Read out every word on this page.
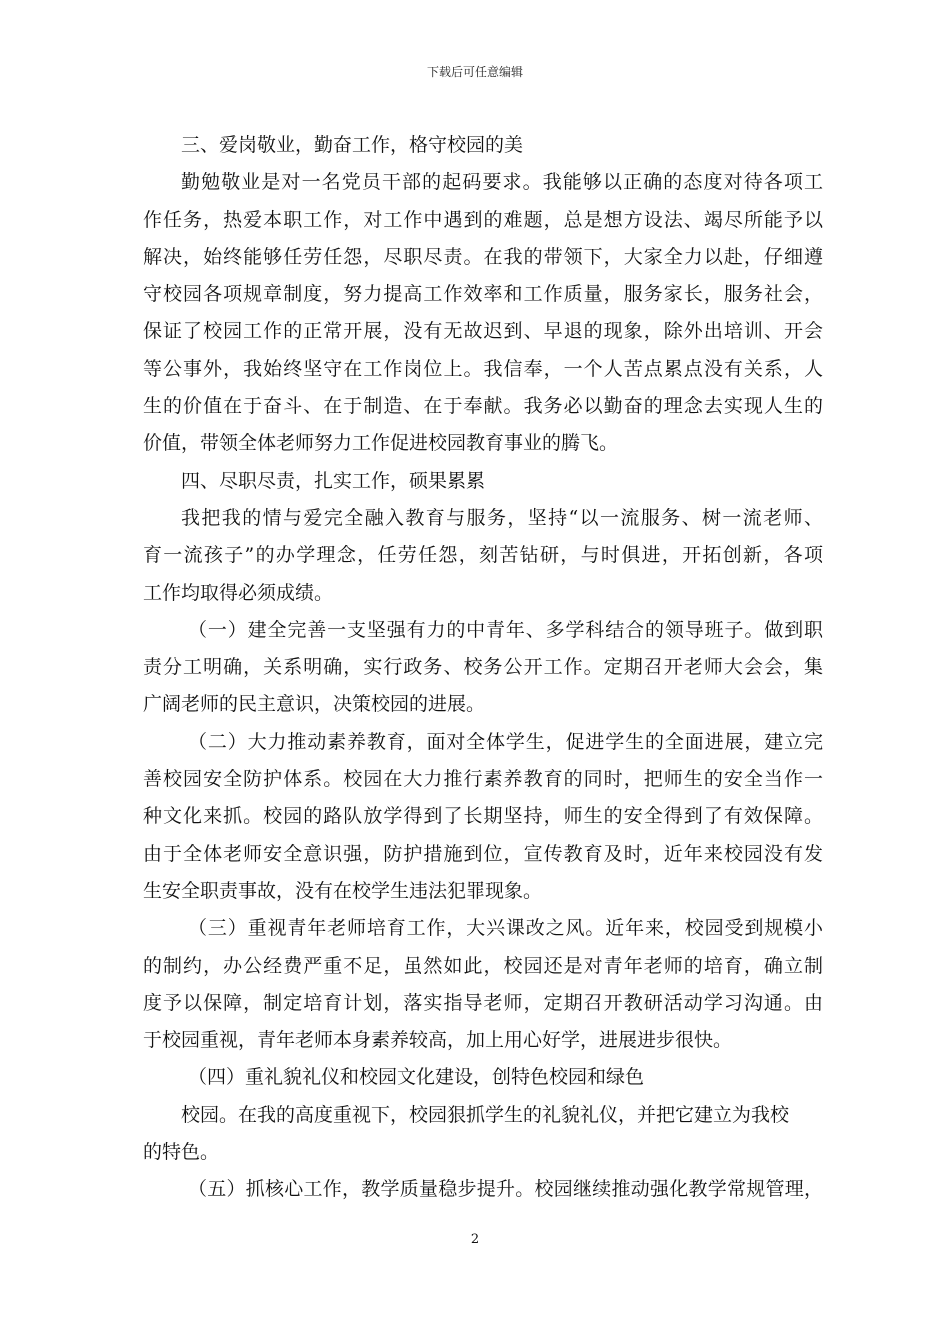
下载后可任意编辑
三、爱岗敬业，勤奋工作，格守校园的美
勤勉敬业是对一名党员干部的起码要求。我能够以正确的态度对待各项工
作任务，热爱本职工作，对工作中遇到的难题，总是想方设法、竭尽所能予以
解决，始终能够任劳任怨，尽职尽责。在我的带领下，大家全力以赴，仔细遵
守校园各项规章制度，努力提高工作效率和工作质量，服务家长，服务社会，
保证了校园工作的正常开展，没有无故迟到、早退的现象，除外出培训、开会
等公事外，我始终坚守在工作岗位上。我信奉，一个人苦点累点没有关系，人
生的价值在于奋斗、在于制造、在于奉献。我务必以勤奋的理念去实现人生的
价值，带领全体老师努力工作促进校园教育事业的腾飞。
四、尽职尽责，扎实工作，硕果累累
我把我的情与爱完全融入教育与服务，坚持“以一流服务、树一流老师、
育一流孩子”的办学理念，任劳任怨，刻苦钻研，与时俱进，开拓创新，各项
工作均取得必须成绩。
（一）建全完善一支坚强有力的中青年、多学科结合的领导班子。做到职
责分工明确，关系明确，实行政务、校务公开工作。定期召开老师大会会，集
广阔老师的民主意识，决策校园的进展。
（二）大力推动素养教育，面对全体学生，促进学生的全面进展，建立完
善校园安全防护体系。校园在大力推行素养教育的同时，把师生的安全当作一
种文化来抓。校园的路队放学得到了长期坚持，师生的安全得到了有效保障。
由于全体老师安全意识强，防护措施到位，宣传教育及时，近年来校园没有发
生安全职责事故，没有在校学生违法犯罪现象。
（三）重视青年老师培育工作，大兴课改之风。近年来，校园受到规模小
的制约，办公经费严重不足，虽然如此，校园还是对青年老师的培育，确立制
度予以保障，制定培育计划，落实指导老师，定期召开教研活动学习沟通。由
于校园重视，青年老师本身素养较高，加上用心好学，进展进步很快。
（四）重礼貌礼仪和校园文化建设，创特色校园和绿色
校园。在我的高度重视下，校园狠抓学生的礼貌礼仪，并把它建立为我校
的特色。
（五）抓核心工作，教学质量稳步提升。校园继续推动强化教学常规管理，
2
